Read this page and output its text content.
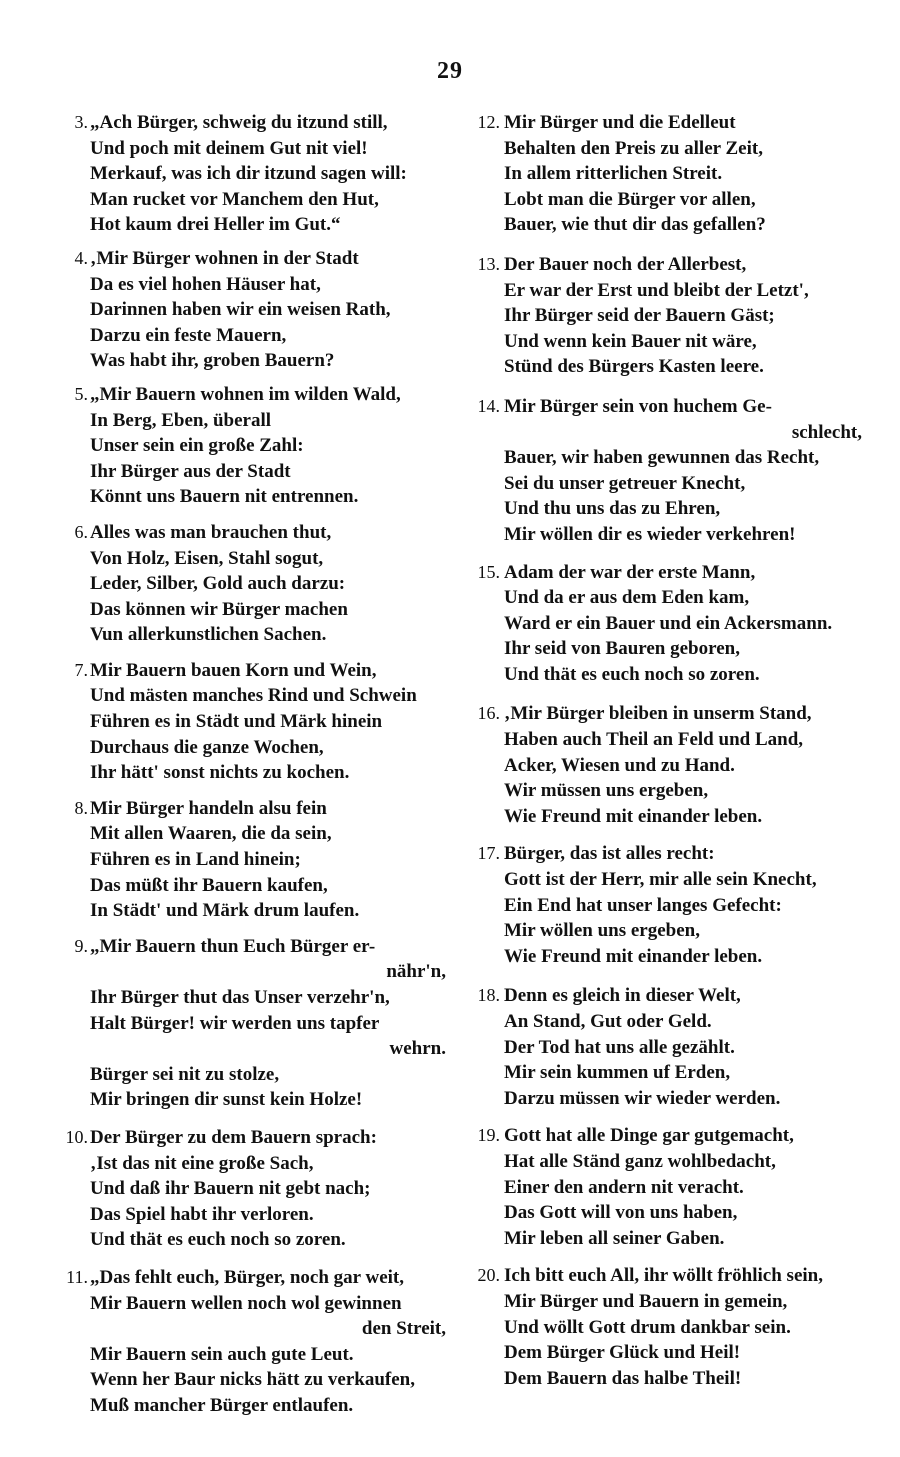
29
3. „Ach Bürger, schweig du itzund still,
Und poch mit deinem Gut nit viel!
Merkauf, was ich dir itzund sagen will:
Man rucket vor Manchem den Hut,
Hot kaum drei Heller im Gut.“
4. ‚Mir Bürger wohnen in der Stadt
Da es viel hohen Häuser hat,
Darinnen haben wir ein weisen Rath,
Darzu ein feste Mauern,
Was habt ihr, groben Bauern?
5. „Mir Bauern wohnen im wilden Wald,
In Berg, Eben, überall
Unser sein ein große Zahl:
Ihr Bürger aus der Stadt
Könnt uns Bauern nit entrennen.
6. Alles was man brauchen thut,
Von Holz, Eisen, Stahl sogut,
Leder, Silber, Gold auch darzu:
Das können wir Bürger machen
Vun allerkunstlichen Sachen.
7. Mir Bauern bauen Korn und Wein,
Und mästen manches Rind und Schwein
Führen es in Städt und Märk hinein
Durchaus die ganze Wochen,
Ihr hätt' sonst nichts zu kochen.
8. Mir Bürger handeln alsu fein
Mit allen Waaren, die da sein,
Führen es in Land hinein;
Das müßt ihr Bauern kaufen,
In Städt' und Märk drum laufen.
9. „Mir Bauern thun Euch Bürger er-
nähr'n,
Ihr Bürger thut das Unser verzehr'n,
Halt Bürger! wir werden uns tapfer
wehrn.
Bürger sei nit zu stolze,
Mir bringen dir sunst kein Holze!
10. Der Bürger zu dem Bauern sprach:
‚Ist das nit eine große Sach,
Und daß ihr Bauern nit gebt nach;
Das Spiel habt ihr verloren.
Und thät es euch noch so zoren.
11. „Das fehlt euch, Bürger, noch gar weit,
Mir Bauern wellen noch wol gewinnen
den Streit,
Mir Bauern sein auch gute Leut.
Wenn her Baur nicks hätt zu verkaufen,
Muß mancher Bürger entlaufen.
12. Mir Bürger und die Edelleut
Behalten den Preis zu aller Zeit,
In allem ritterlichen Streit.
Lobt man die Bürger vor allen,
Bauer, wie thut dir das gefallen?
13. Der Bauer noch der Allerbest,
Er war der Erst und bleibt der Letzt',
Ihr Bürger seid der Bauern Gäst;
Und wenn kein Bauer nit wäre,
Stünd des Bürgers Kasten leere.
14. Mir Bürger sein von huchem Ge-
schlecht,
Bauer, wir haben gewunnen das Recht,
Sei du unser getreuer Knecht,
Und thu uns das zu Ehren,
Mir wöllen dir es wieder verkehren!
15. Adam der war der erste Mann,
Und da er aus dem Eden kam,
Ward er ein Bauer und ein Ackersmann.
Ihr seid von Bauren geboren,
Und thät es euch noch so zoren.
16. ‚Mir Bürger bleiben in unserm Stand,
Haben auch Theil an Feld und Land,
Acker, Wiesen und zu Hand.
Wir müssen uns ergeben,
Wie Freund mit einander leben.
17. Bürger, das ist alles recht:
Gott ist der Herr, mir alle sein Knecht,
Ein End hat unser langes Gefecht:
Mir wöllen uns ergeben,
Wie Freund mit einander leben.
18. Denn es gleich in dieser Welt,
An Stand, Gut oder Geld.
Der Tod hat uns alle gezählt.
Mir sein kummen uf Erden,
Darzu müssen wir wieder werden.
19. Gott hat alle Dinge gar gutgemacht,
Hat alle Ständ ganz wohlbedacht,
Einer den andern nit veracht.
Das Gott will von uns haben,
Mir leben all seiner Gaben.
20. Ich bitt euch All, ihr wöllt fröhlich sein,
Mir Bürger und Bauern in gemein,
Und wöllt Gott drum dankbar sein.
Dem Bürger Glück und Heil!
Dem Bauern das halbe Theil!
